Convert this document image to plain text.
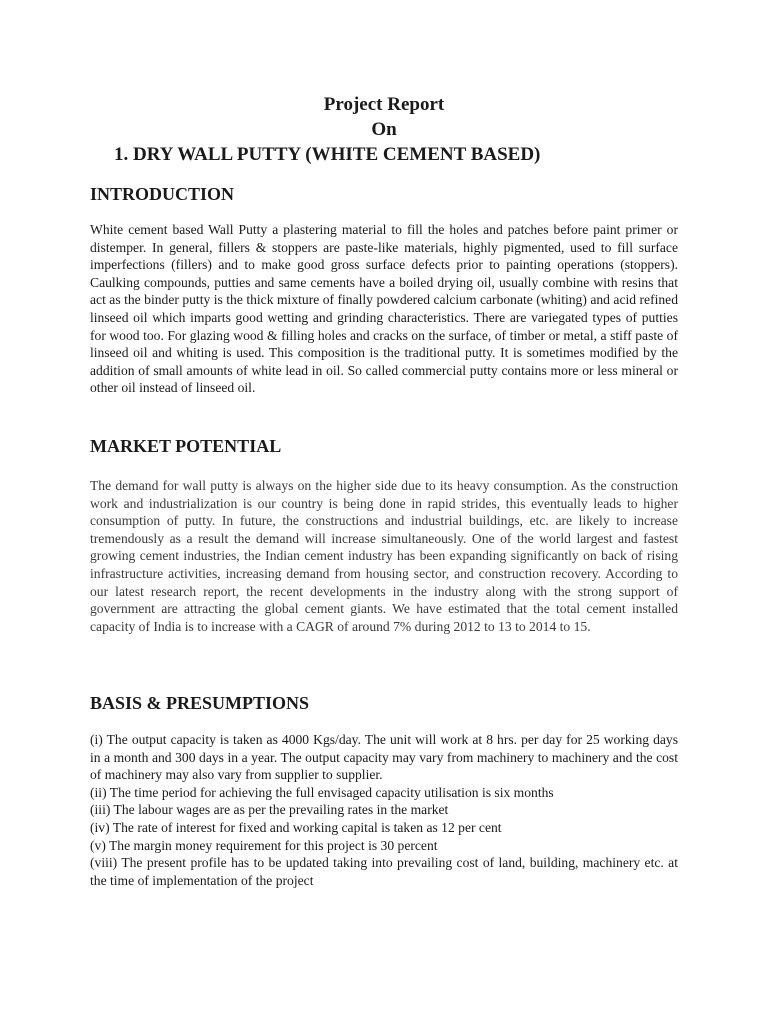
Project Report
On
1. DRY WALL PUTTY (WHITE CEMENT BASED)
INTRODUCTION

White cement based Wall Putty a plastering material to fill the holes and patches before paint primer or distemper. In general, fillers & stoppers are paste-like materials, highly pigmented, used to fill surface imperfections (fillers) and to make good gross surface defects prior to painting operations (stoppers). Caulking compounds, putties and same cements have a boiled drying oil, usually combine with resins that act as the binder putty is the thick mixture of finally powdered calcium carbonate (whiting) and acid refined linseed oil which imparts good wetting and grinding characteristics. There are variegated types of putties for wood too. For glazing wood & filling holes and cracks on the surface, of timber or metal, a stiff paste of linseed oil and whiting is used. This composition is the traditional putty. It is sometimes modified by the addition of small amounts of white lead in oil. So called commercial putty contains more or less mineral or other oil instead of linseed oil.

MARKET POTENTIAL

The demand for wall putty is always on the higher side due to its heavy consumption. As the construction work and industrialization is our country is being done in rapid strides, this eventually leads to higher consumption of putty. In future, the constructions and industrial buildings, etc. are likely to increase tremendously as a result the demand will increase simultaneously. One of the world largest and fastest growing cement industries, the Indian cement industry has been expanding significantly on back of rising infrastructure activities, increasing demand from housing sector, and construction recovery. According to our latest research report, the recent developments in the industry along with the strong support of government are attracting the global cement giants. We have estimated that the total cement installed capacity of India is to increase with a CAGR of around 7% during 2012 to 13 to 2014 to 15.

BASIS & PRESUMPTIONS
(i) The output capacity is taken as 4000 Kgs/day. The unit will work at 8 hrs. per day for 25 working days in a month and 300 days in a year. The output capacity may vary from machinery to machinery and the cost of machinery may also vary from supplier to supplier.
(ii) The time period for achieving the full envisaged capacity utilisation is six months
(iii) The labour wages are as per the prevailing rates in the market
(iv) The rate of interest for fixed and working capital is taken as 12 per cent
(v) The margin money requirement for this project is 30 percent
(viii) The present profile has to be updated taking into prevailing cost of land, building, machinery etc. at the time of implementation of the project
